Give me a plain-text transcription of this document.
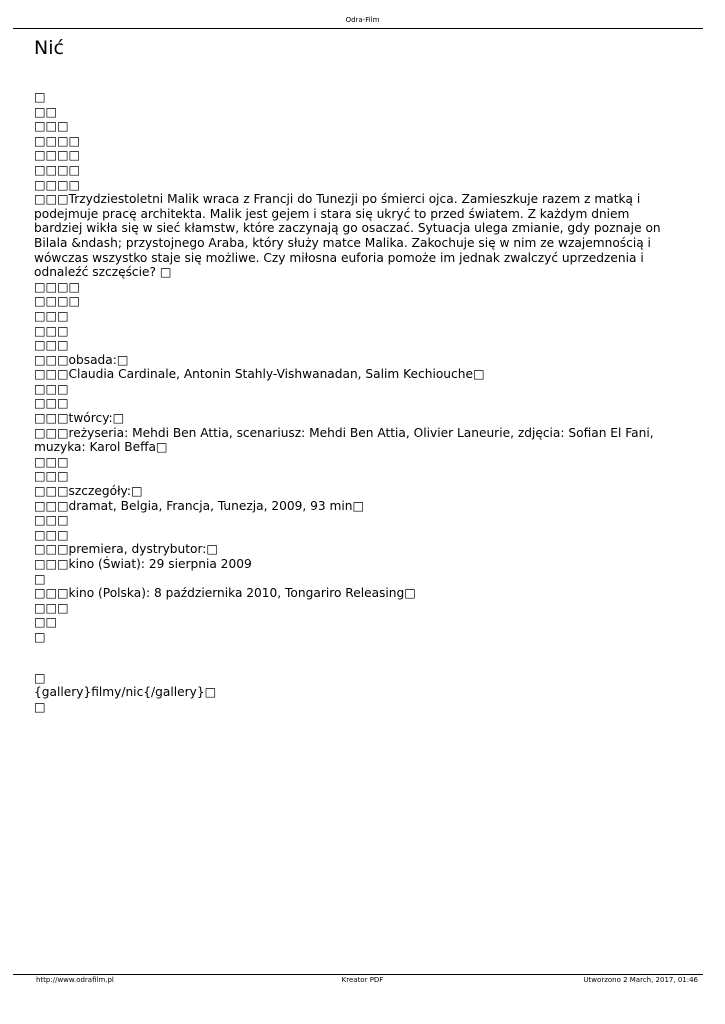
Odra-Film
Nić
□
□□
□□□
□□□□
□□□□
□□□□
□□□□
□□□Trzydziestoletni Malik wraca z Francji do Tunezji po śmierci ojca. Zamieszkuje razem z matką i podejmuje pracę architekta. Malik jest gejem i stara się ukryć to przed światem. Z każdym dniem bardziej wikła się w sieć kłamstw, które zaczynają go osaczać. Sytuacja ulega zmianie, gdy poznaje on Bilala &ndash; przystojnego Araba, który służy matce Malika. Zakochuje się w nim ze wzajemnością i wówczas wszystko staje się możliwe. Czy miłosna euforia pomoże im jednak zwalczyć uprzedzenia i odnaleźć szczęście? □
□□□□
□□□□
□□□
□□□
□□□
□□□obsada:□
□□□Claudia Cardinale, Antonin Stahly-Vishwanadan, Salim Kechiouche□
□□□
□□□
□□□twórcy:□
□□□reżyseria: Mehdi Ben Attia, scenariusz: Mehdi Ben Attia, Olivier Laneurie, zdjęcia: Sofian El Fani, muzyka: Karol Beffa□
□□□
□□□
□□□szczegóły:□
□□□dramat, Belgia, Francja, Tunezja, 2009, 93 min□
□□□
□□□
□□□premiera, dystrybutor:□
□□□kino (Świat): 29 sierpnia 2009
□
□□□kino (Polska): 8 października 2010, Tongariro Releasing□
□□□
□□
□
□
{gallery}filmy/nic{/gallery}□
□
http://www.odrafilm.pl	Kreator PDF	Utworzono 2 March, 2017, 01:46
